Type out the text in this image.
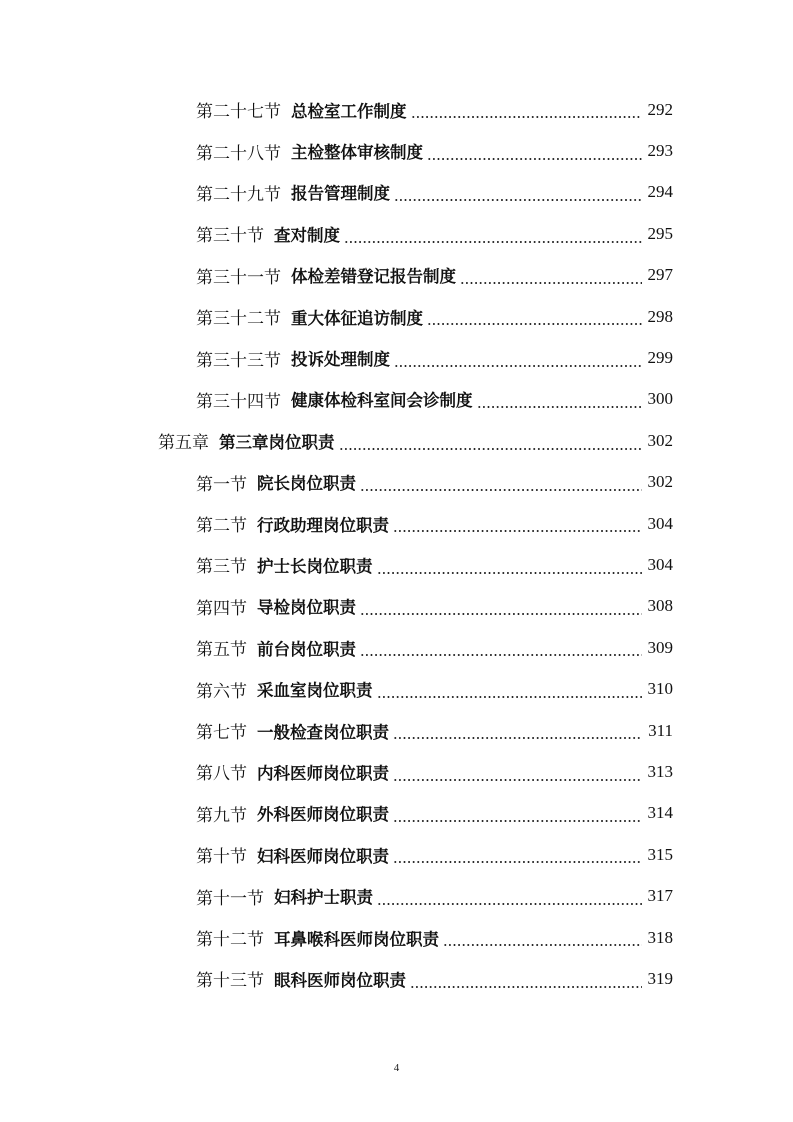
第二十七节 总检室工作制度	292
第二十八节 主检整体审核制度	293
第二十九节 报告管理制度	294
第三十节 查对制度	295
第三十一节 体检差错登记报告制度	297
第三十二节 重大体征追访制度	298
第三十三节 投诉处理制度	299
第三十四节 健康体检科室间会诊制度	300
第五章 第三章岗位职责	302
第一节 院长岗位职责	302
第二节 行政助理岗位职责	304
第三节 护士长岗位职责	304
第四节 导检岗位职责	308
第五节 前台岗位职责	309
第六节 采血室岗位职责	310
第七节 一般检查岗位职责	311
第八节 内科医师岗位职责	313
第九节 外科医师岗位职责	314
第十节 妇科医师岗位职责	315
第十一节 妇科护士职责	317
第十二节 耳鼻喉科医师岗位职责	318
第十三节 眼科医师岗位职责	319
4
